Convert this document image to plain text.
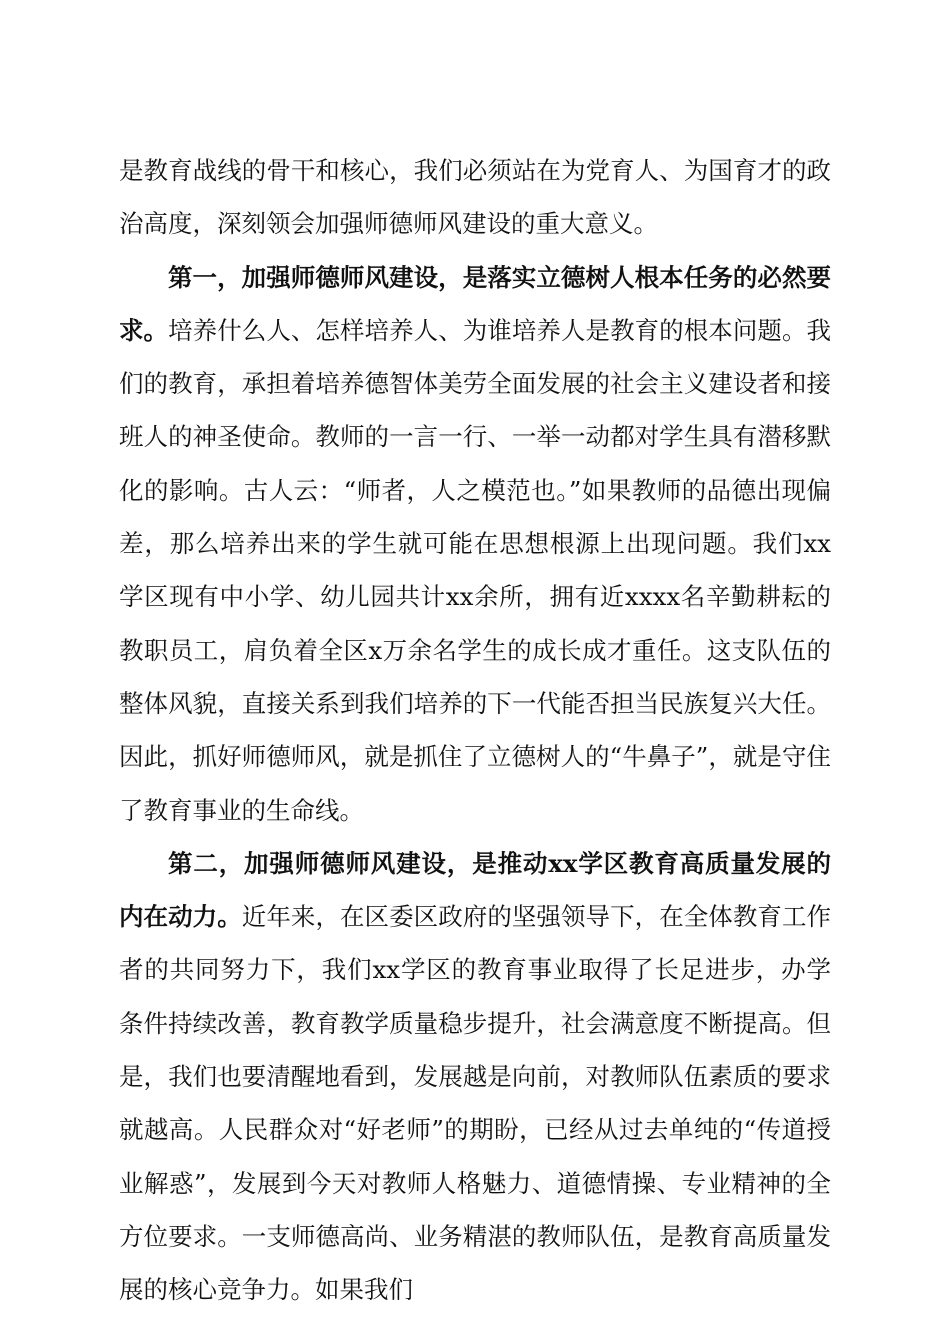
是教育战线的骨干和核心，我们必须站在为党育人、为国育才的政治高度，深刻领会加强师德师风建设的重大意义。

第一，加强师德师风建设，是落实立德树人根本任务的必然要求。培养什么人、怎样培养人、为谁培养人是教育的根本问题。我们的教育，承担着培养德智体美劳全面发展的社会主义建设者和接班人的神圣使命。教师的一言一行、一举一动都对学生具有潜移默化的影响。古人云：“师者，人之模范也。”如果教师的品德出现偏差，那么培养出来的学生就可能在思想根源上出现问题。我们xx学区现有中小学、幼儿园共计xx余所，拥有近xxxx名辛勤耕耘的教职员工，肩负着全区x万余名学生的成长成才重任。这支队伍的整体风貌，直接关系到我们培养的下一代能否担当民族复兴大任。因此，抓好师德师风，就是抓住了立德树人的“牛鼻子”，就是守住了教育事业的生命线。

第二，加强师德师风建设，是推动xx学区教育高质量发展的内在动力。近年来，在区委区政府的坚强领导下，在全体教育工作者的共同努力下，我们xx学区的教育事业取得了长足进步，办学条件持续改善，教育教学质量稳步提升，社会满意度不断提高。但是，我们也要清醒地看到，发展越是向前，对教师队伍素质的要求就越高。人民群众对“好老师”的期盼，已经从过去单纯的“传道授业解惑”，发展到今天对教师人格魅力、道德情操、专业精神的全方位要求。一支师德高尚、业务精湛的教师队伍，是教育高质量发展的核心竞争力。如果我们
